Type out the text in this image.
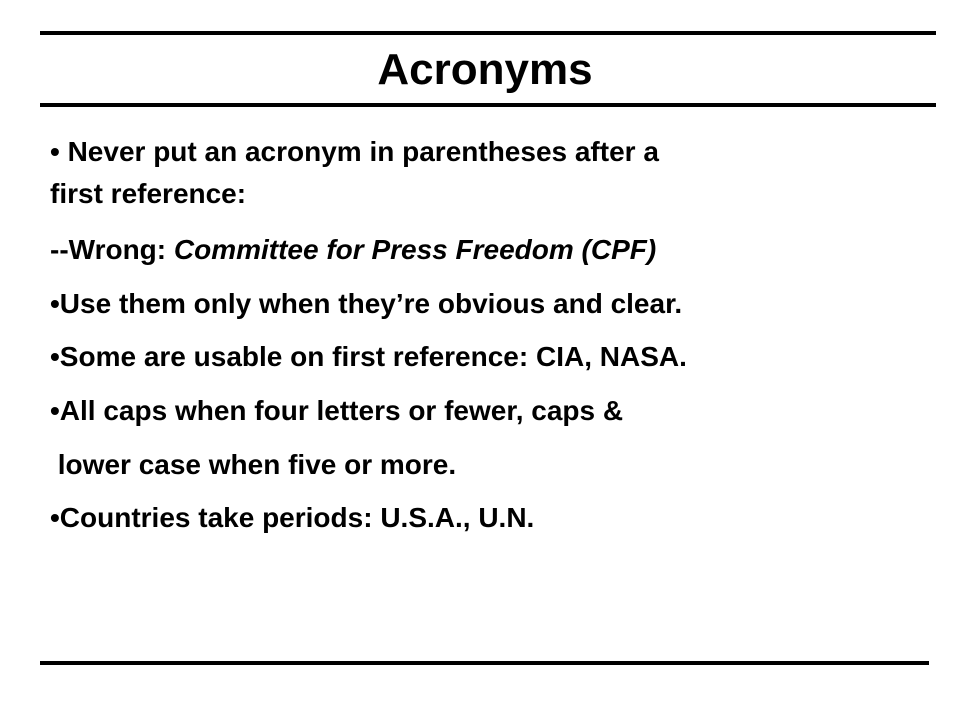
Acronyms
• Never put an acronym in parentheses after a
first reference:
--Wrong: Committee for Press Freedom (CPF)
•Use them only when they’re obvious and clear.
•Some are usable on first reference: CIA, NASA.
•All caps when four letters or fewer, caps &
lower case when five or more.
•Countries take periods: U.S.A., U.N.
